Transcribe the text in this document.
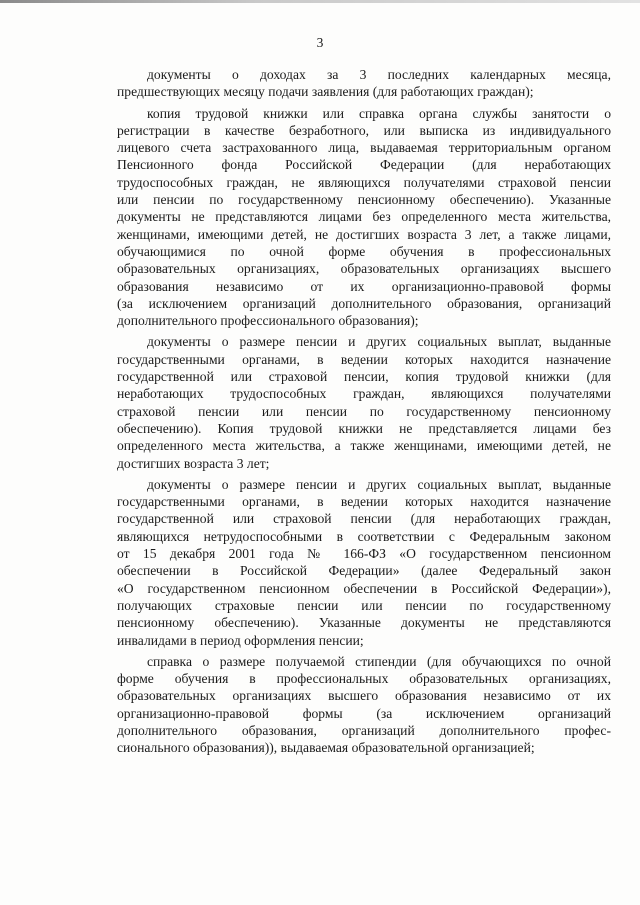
3
документы о доходах за 3 последних календарных месяца,
предшествующих месяцу подачи заявления (для работающих граждан);
копия трудовой книжки или справка органа службы занятости о
регистрации в качестве безработного, или выписка из индивидуального
лицевого счета застрахованного лица, выдаваемая территориальным органом
Пенсионного фонда Российской Федерации (для неработающих
трудоспособных граждан, не являющихся получателями страховой пенсии
или пенсии по государственному пенсионному обеспечению). Указанные
документы не представляются лицами без определенного места жительства,
женщинами, имеющими детей, не достигших возраста 3 лет, а также лицами,
обучающимися по очной форме обучения в профессиональных
образовательных организациях, образовательных организациях высшего
образования независимо от их организационно-правовой формы
(за исключением организаций дополнительного образования, организаций
дополнительного профессионального образования);
документы о размере пенсии и других социальных выплат, выданные
государственными органами, в ведении которых находится назначение
государственной или страховой пенсии, копия трудовой книжки (для
неработающих трудоспособных граждан, являющихся получателями
страховой пенсии или пенсии по государственному пенсионному
обеспечению). Копия трудовой книжки не представляется лицами без
определенного места жительства, а также женщинами, имеющими детей, не
достигших возраста 3 лет;
документы о размере пенсии и других социальных выплат, выданные
государственными органами, в ведении которых находится назначение
государственной или страховой пенсии (для неработающих граждан,
являющихся нетрудоспособными в соответствии с Федеральным законом
от 15 декабря 2001 года № 166-ФЗ «О государственном пенсионном
обеспечении в Российской Федерации» (далее Федеральный закон
«О государственном пенсионном обеспечении в Российской Федерации»),
получающих страховые пенсии или пенсии по государственному
пенсионному обеспечению). Указанные документы не представляются
инвалидами в период оформления пенсии;
справка о размере получаемой стипендии (для обучающихся по очной
форме обучения в профессиональных образовательных организациях,
образовательных организациях высшего образования независимо от их
организационно-правовой формы (за исключением организаций
дополнительного образования, организаций дополнительного профес-
сионального образования)), выдаваемая образовательной организацией;
